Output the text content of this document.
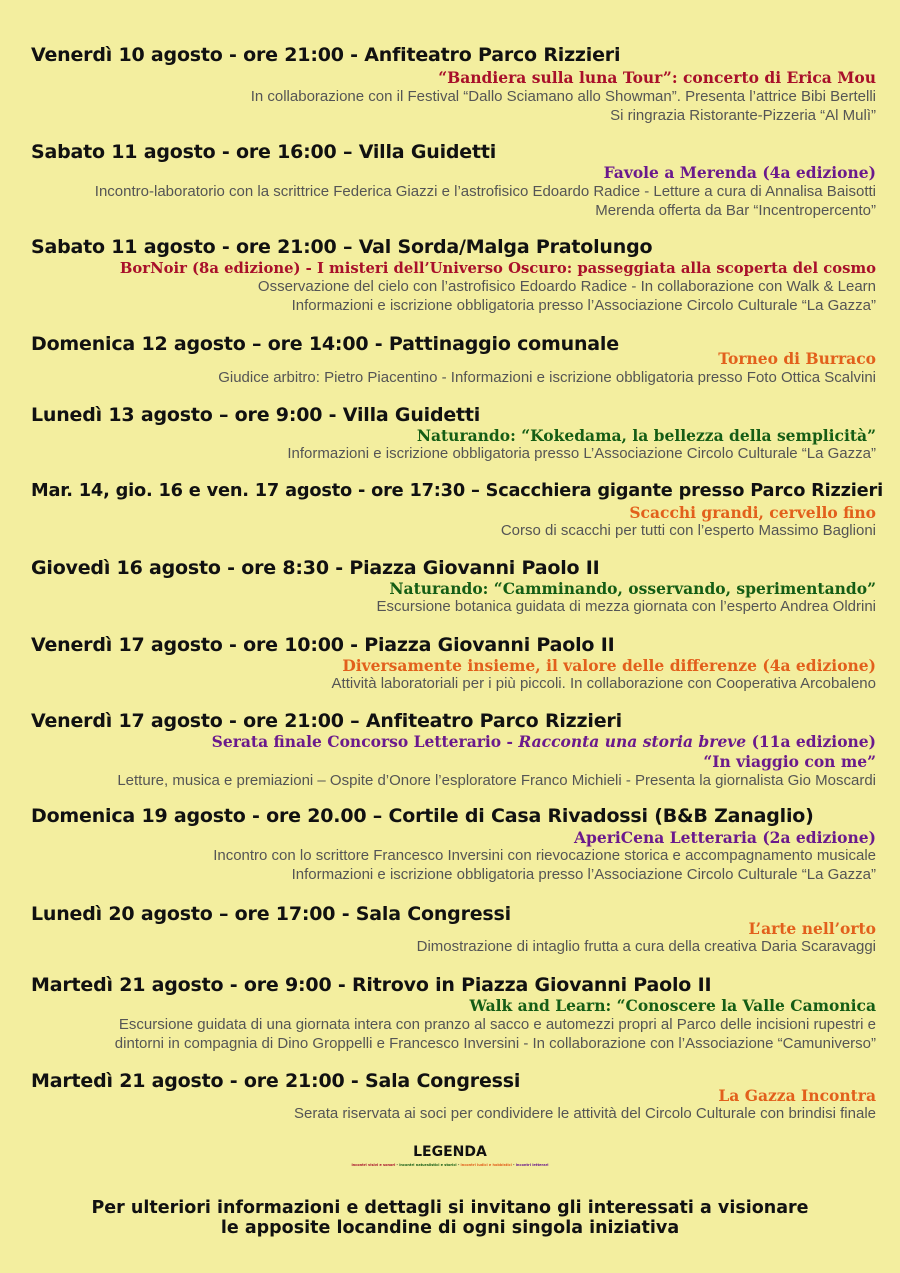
Venerdì 10 agosto - ore 21:00 - Anfiteatro Parco Rizzieri
“Bandiera sulla luna Tour”: concerto di Erica Mou
In collaborazione con il Festival “Dallo Sciamano allo Showman”. Presenta l’attrice Bibi Bertelli
Si ringrazia Ristorante-Pizzeria “Al Mulì”
Sabato 11 agosto - ore 16:00 – Villa Guidetti
Favole a Merenda (4a edizione)
Incontro-laboratorio con la scrittrice Federica Giazzi e l’astrofisico Edoardo Radice - Letture a cura di Annalisa Baisotti
Merenda offerta da Bar “Incentropercento”
Sabato 11 agosto - ore 21:00 – Val Sorda/Malga Pratolungo
BorNoir (8a edizione) - I misteri dell’Universo Oscuro: passeggiata alla scoperta del cosmo
Osservazione del cielo con l’astrofisico Edoardo Radice - In collaborazione con Walk & Learn
Informazioni e iscrizione obbligatoria presso l’Associazione Circolo Culturale “La Gazza”
Domenica 12 agosto – ore 14:00 - Pattinaggio comunale
Torneo di Burraco
Giudice arbitro: Pietro Piacentino - Informazioni e iscrizione obbligatoria presso Foto Ottica Scalvini
Lunedì 13 agosto – ore 9:00 - Villa Guidetti
Naturando: “Kokedama, la bellezza della semplicità”
Informazioni e iscrizione obbligatoria presso L’Associazione Circolo Culturale “La Gazza”
Mar. 14, gio. 16 e ven. 17 agosto - ore 17:30 – Scacchiera gigante presso Parco Rizzieri
Scacchi grandi, cervello fino
Corso di scacchi per tutti con l’esperto Massimo Baglioni
Giovedì 16 agosto - ore 8:30 - Piazza Giovanni Paolo II
Naturando: “Camminando, osservando, sperimentando”
Escursione botanica guidata di mezza giornata con l’esperto Andrea Oldrini
Venerdì 17 agosto - ore 10:00 - Piazza Giovanni Paolo II
Diversamente insieme, il valore delle differenze (4a edizione)
Attività laboratoriali per i più piccoli. In collaborazione con Cooperativa Arcobaleno
Venerdì 17 agosto - ore 21:00 – Anfiteatro Parco Rizzieri
Serata finale Concorso Letterario - Racconta una storia breve (11a edizione)
“In viaggio con me”
Letture, musica e premiazioni – Ospite d’Onore l’esploratore Franco Michieli - Presenta la giornalista Gio Moscardi
Domenica 19 agosto - ore 20.00 – Cortile di Casa Rivadossi (B&B Zanaglio)
AperiCena Letteraria (2a edizione)
Incontro con lo scrittore Francesco Inversini con rievocazione storica e accompagnamento musicale
Informazioni e iscrizione obbligatoria presso l’Associazione Circolo Culturale “La Gazza”
Lunedì 20 agosto – ore 17:00 - Sala Congressi
L’arte nell’orto
Dimostrazione di intaglio frutta a cura della creativa Daria Scaravaggi
Martedì 21 agosto - ore 9:00 - Ritrovo in Piazza Giovanni Paolo II
Walk and Learn: “Conoscere la Valle Camonica
Escursione guidata di una giornata intera con pranzo al sacco e automezzi propri al Parco delle incisioni rupestri e
dintorni in compagnia di Dino Groppelli e Francesco Inversini - In collaborazione con l’Associazione “Camuniverso”
Martedì 21 agosto - ore 21:00 - Sala Congressi
La Gazza Incontra
Serata riservata ai soci per condividere le attività del Circolo Culturale con brindisi finale
LEGENDA
incontri visivi e sonori - incontri naturalistici e storici - incontri ludici e hobbistici - incontri letterari
Per ulteriori informazioni e dettagli si invitano gli interessati a visionare
le apposite locandine di ogni singola iniziativa
